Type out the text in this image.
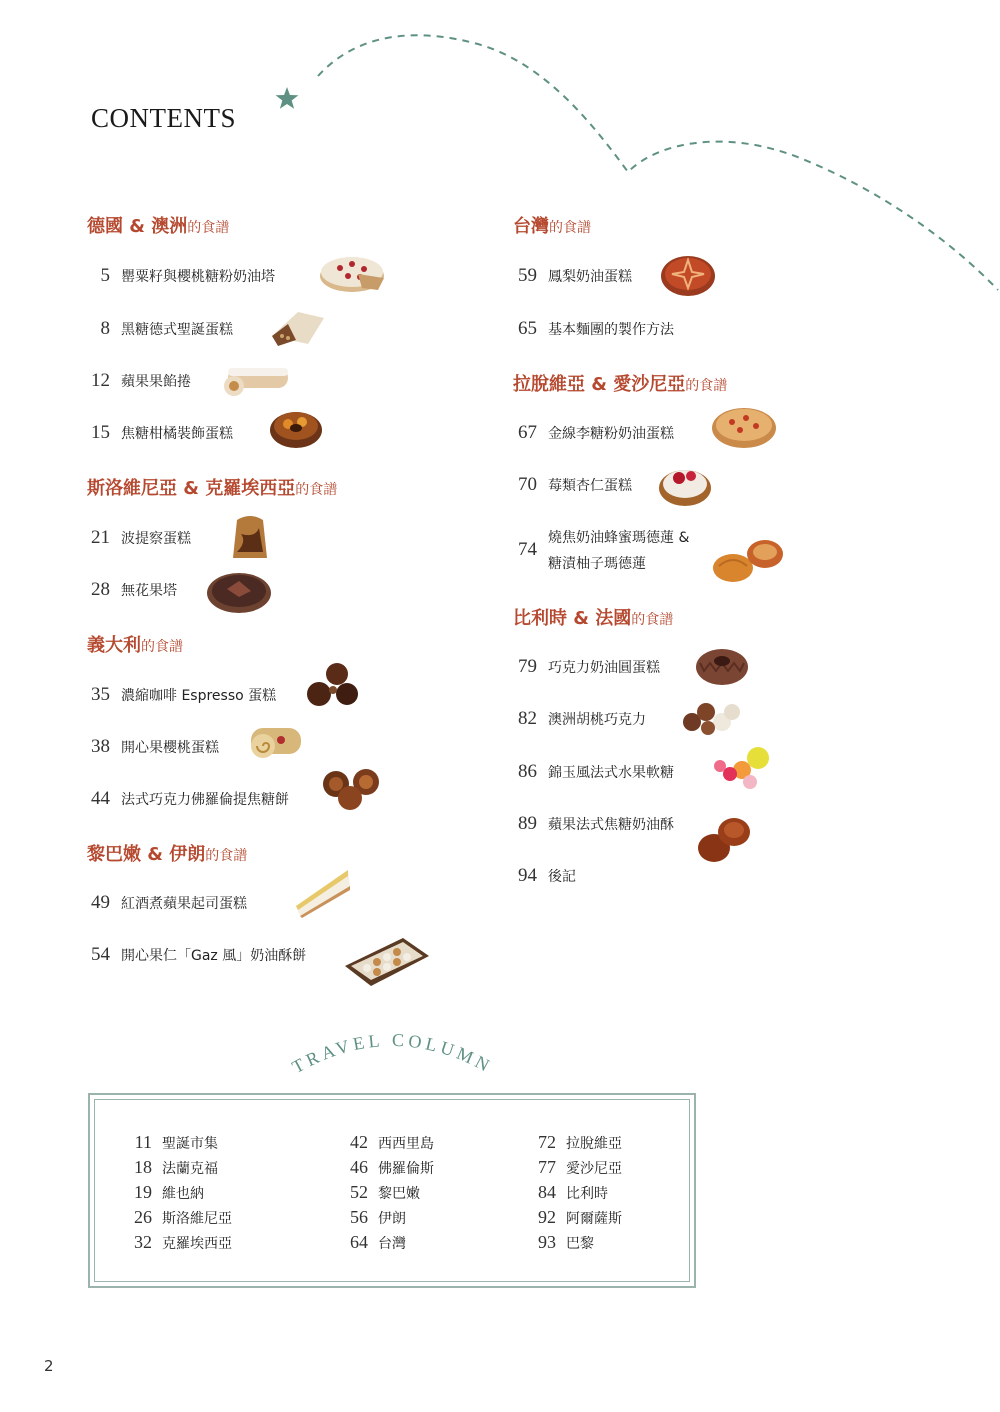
TRAVEL COLUMN
CONTENTS
德國 & 澳洲的食譜
5 罌粟籽與櫻桃糖粉奶油塔
8 黑糖德式聖誕蛋糕
12 蘋果果餡捲
15 焦糖柑橘裝飾蛋糕
斯洛維尼亞 & 克羅埃西亞的食譜
21 波提察蛋糕
28 無花果塔
義大利的食譜
35 濃縮咖啡 Espresso 蛋糕
38 開心果櫻桃蛋糕
44 法式巧克力佛羅倫提焦糖餅
黎巴嫩 & 伊朗的食譜
49 紅酒煮蘋果起司蛋糕
54 開心果仁「Gaz 風」奶油酥餅
台灣的食譜
59 鳳梨奶油蛋糕
65 基本麵團的製作方法
拉脫維亞 & 愛沙尼亞的食譜
67 金線李糖粉奶油蛋糕
70 莓類杏仁蛋糕
74
燒焦奶油蜂蜜瑪德蓮 &
糖漬柚子瑪德蓮
比利時 & 法國的食譜
79 巧克力奶油圓蛋糕
82 澳洲胡桃巧克力
86 錦玉風法式水果軟糖
89 蘋果法式焦糖奶油酥
94 後記
11 聖誕市集
18 法蘭克福
19 維也納
26 斯洛維尼亞
32 克羅埃西亞
42 西西里島
46 佛羅倫斯
52 黎巴嫩
56 伊朗
64 台灣
72 拉脫維亞
77 愛沙尼亞
84 比利時
92 阿爾薩斯
93 巴黎
2
